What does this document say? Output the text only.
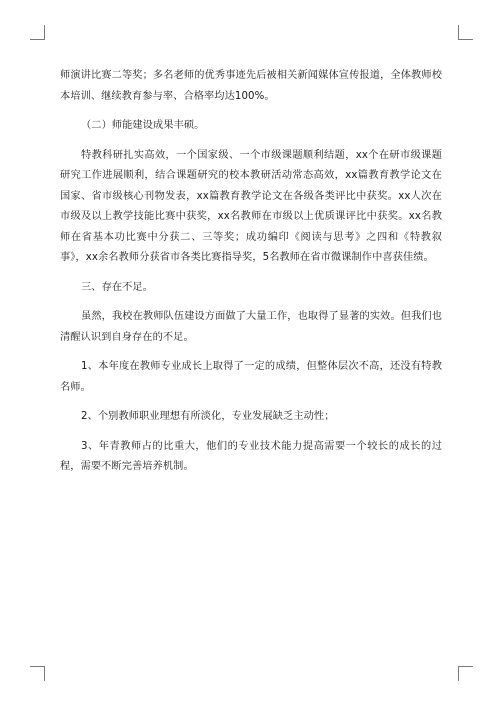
师演讲比赛二等奖；多名老师的优秀事迹先后被相关新闻媒体宣传报道，全体教师校本培训、继续教育参与率、合格率均达100%。

（二）师能建设成果丰硕。

特教科研扎实高效，一个国家级、一个市级课题顺利结题，xx个在研市级课题研究工作进展顺利，结合课题研究的校本教研活动常态高效，xx篇教育教学论文在国家、省市级核心刊物发表，xx篇教育教学论文在各级各类评比中获奖。xx人次在市级及以上教学技能比赛中获奖，xx名教师在市级以上优质课评比中获奖。xx名教师在省基本功比赛中分获二、三等奖；成功编印《阅读与思考》之四和《特教叙事》，xx余名教师分获省市各类比赛指导奖，5名教师在省市微课制作中喜获佳绩。

三、存在不足。

虽然，我校在教师队伍建设方面做了大量工作，也取得了显著的实效。但我们也清醒认识到自身存在的不足。

1、本年度在教师专业成长上取得了一定的成绩，但整体层次不高，还没有特教名师。

2、个别教师职业理想有所淡化，专业发展缺乏主动性；

3、年青教师占的比重大，他们的专业技术能力提高需要一个较长的成长的过程，需要不断完善培养机制。
